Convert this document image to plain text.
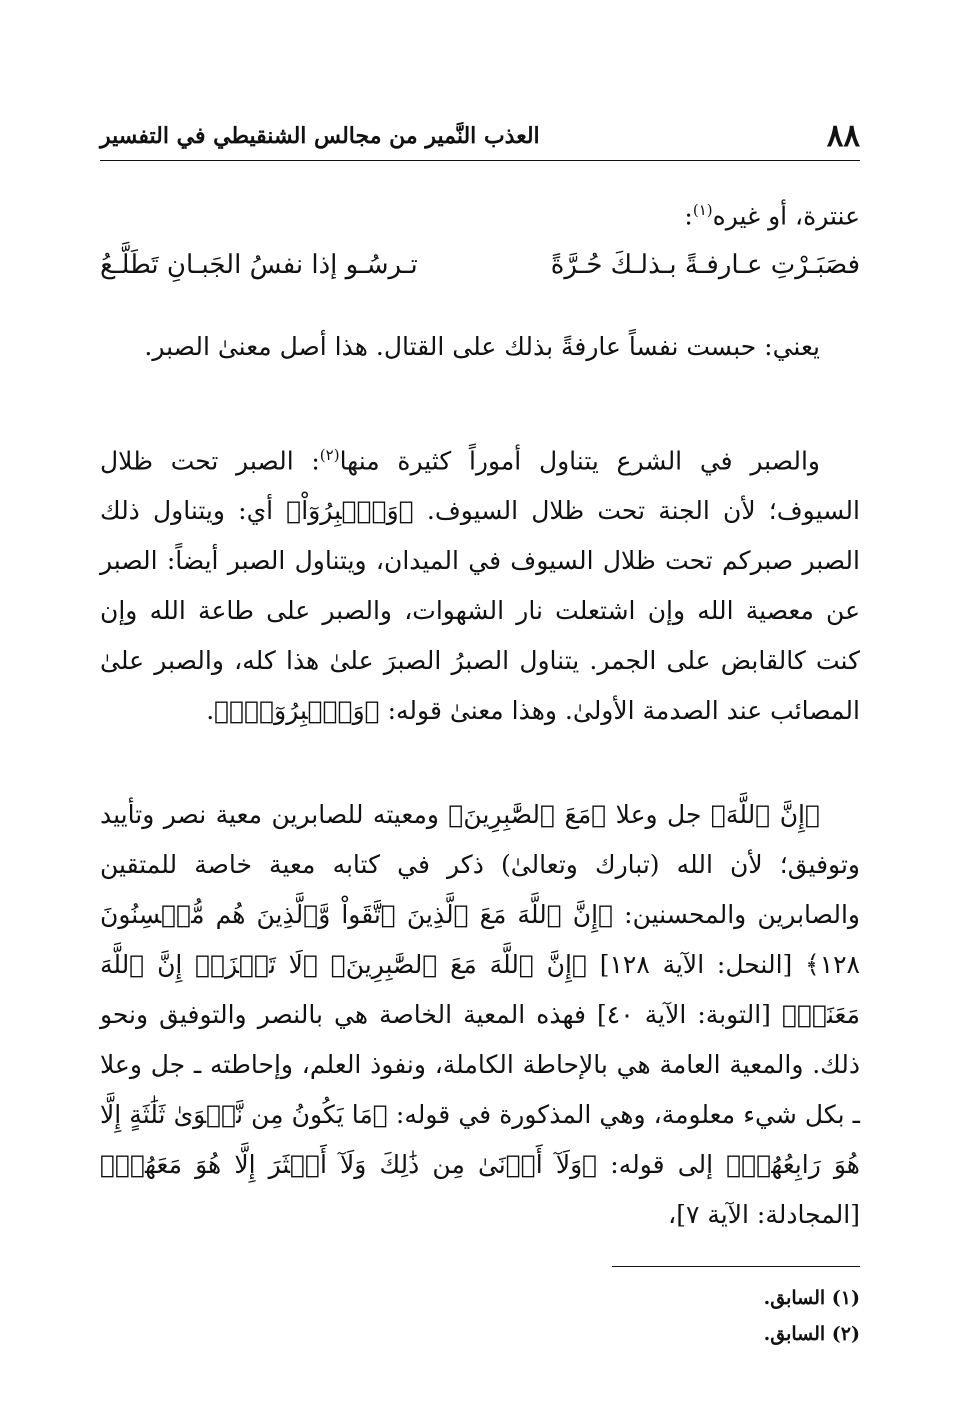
٨٨
العذب النَّمير من مجالس الشنقيطي في التفسير

عنترة، أو غيره$^{(١)}$:

فصَبَـرْتِ عـارفـةً بـذلـكَ حُـرَّةً
تـرسُـو إذا نفسُ الجَبـانِ تَطَلَّـعُ

يعني: حبست نفساً عارفةً بذلك على القتال. هذا أصل معنىٰ الصبر.

والصبر في الشرع يتناول أموراً كثيرة منها$^{(٢)}$: الصبر تحت ظلال السيوف؛ لأن الجنة تحت ظلال السيوف. ﴿وَٱصۡبِرُوٓاْ﴾ أي: ويتناول ذلك الصبر صبركم تحت ظلال السيوف في الميدان، ويتناول الصبر أيضاً: الصبر عن معصية الله وإن اشتعلت نار الشهوات، والصبر على طاعة الله وإن كنت كالقابض على الجمر. يتناول الصبرُ الصبرَ علىٰ هذا كله، والصبر علىٰ المصائب عند الصدمة الأولىٰ. وهذا معنىٰ قوله: ﴿وَٱصۡبِرُوٓاْۚ﴾.

﴿إِنَّ ٱللَّهَ﴾ جل وعلا ﴿مَعَ ٱلصَّٰبِرِينَ﴾ ومعيته للصابرين معية نصر وتأييد وتوفيق؛ لأن الله (تبارك وتعالىٰ) ذكر في كتابه معية خاصة للمتقين والصابرين والمحسنين: ﴿إِنَّ ٱللَّهَ مَعَ ٱلَّذِينَ ٱتَّقَواْ وَّٱلَّذِينَ هُم مُّحۡسِنُونَ ١٢٨﴾ [النحل: الآية ١٢٨] ﴿إِنَّ ٱللَّهَ مَعَ ٱلصَّٰبِرِينَ﴾ ﴿لَا تَحۡزَنۡ إِنَّ ٱللَّهَ مَعَنَاۖ﴾ [التوبة: الآية ٤٠] فهذه المعية الخاصة هي بالنصر والتوفيق ونحو ذلك. والمعية العامة هي بالإحاطة الكاملة، ونفوذ العلم، وإحاطته ـ جل وعلا ـ بكل شيء معلومة، وهي المذكورة في قوله: ﴿مَا يَكُونُ مِن نَّجۡوَىٰ ثَلَٰثَةٍ إِلَّا هُوَ رَابِعُهُمۡ﴾ إلى قوله: ﴿وَلَآ أَدۡنَىٰ مِن ذَٰلِكَ وَلَآ أَكۡثَرَ إِلَّا هُوَ مَعَهُمۡ﴾ [المجادلة: الآية ٧]،

(١) السابق.

(٢) السابق.
